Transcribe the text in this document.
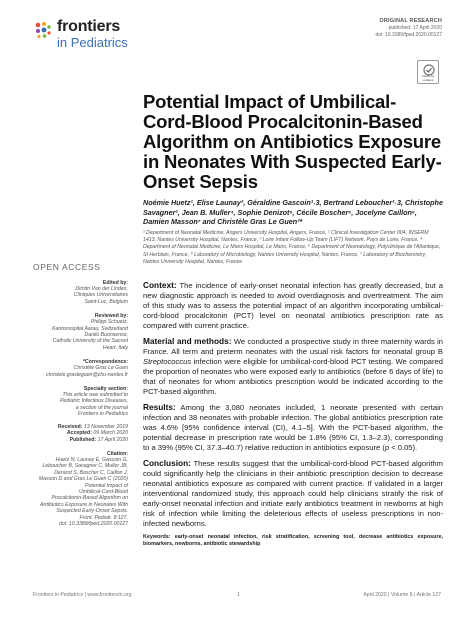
frontiers
in Pediatrics
ORIGINAL RESEARCH
published: 17 April 2020
doi: 10.3389/fped.2020.00127
Check for updates
Potential Impact of Umbilical-Cord-Blood Procalcitonin-Based Algorithm on Antibiotics Exposure in Neonates With Suspected Early-Onset Sepsis
Noémie Huetz¹, Elise Launay², Géraldine Gascoin¹˒3, Bertrand Leboucher¹˒3, Christophe Savagner¹, Jean B. Muller⁴, Sophie Denizot⁵, Cécile Boscher⁵, Jocelyne Caillon⁶, Damien Masson⁷ and Christèle Gras Le Guen²*
¹ Department of Neonatal Medicine, Angers University Hospital, Angers, France, ² Clinical Investigation Center 004, INSERM 1413, Nantes University Hospital, Nantes, France, ³ Loire Infant Follow-Up Team (LIFT) Network, Pays de Loire, France, ⁴ Department of Neonatal Medicine, Le Mans Hospital, Le Mans, France, ⁵ Department of Neonatology, Polyclinique de l'Atlantique, St Herblain, France, ⁶ Laboratory of Microbiology, Nantes University Hospital, Nantes, France, ⁷ Laboratory of Biochemistry, Nantes University Hospital, Nantes, France
OPEN ACCESS
Edited by:
Dimitri Van der Linden,
Cliniques Universitaires
Saint-Luc, Belgium
Reviewed by:
Philipp Schuetz,
Kantonsspital Aarau, Switzerland
Danilo Buonsenso,
Catholic University of the Sacred
Heart, Italy
*Correspondence:
Christèle Gras Le Guen
christele.grasleguen@chu-nantes.fr
Specialty section:
This article was submitted to
Pediatric Infectious Diseases,
a section of the journal
Frontiers in Pediatrics
Received: 13 November 2019
Accepted: 09 March 2020
Published: 17 April 2020
Citation:
Huetz N, Launay E, Gascoin G,
Leboucher B, Savagner C, Muller JB,
Denizot S, Boscher C, Caillon J,
Masson D and Gras Le Guen C (2020)
Potential Impact of
Umbilical-Cord-Blood
Procalcitonin-Based Algorithm on
Antibiotics Exposure in Neonates With
Suspected Early-Onset Sepsis.
Front. Pediatr. 8:127.
doi: 10.3389/fped.2020.00127

Context: The incidence of early-onset neonatal infection has greatly decreased, but a new diagnostic approach is needed to avoid overdiagnosis and overtreatment. The aim of this study was to assess the potential impact of an algorithm incorporating umbilical-cord-blood procalcitonin (PCT) level on neonatal antibiotics prescription rate as compared with current practice.

Material and methods: We conducted a prospective study in three maternity wards in France. All term and preterm neonates with the usual risk factors for neonatal group B Streptococcus infection were eligible for umbilical-cord-blood PCT testing. We compared the proportion of neonates who were exposed early to antibiotics (before 6 days of life) to that of neonates for whom antibiotics prescription would be indicated according to the PCT-based algorithm.

Results: Among the 3,080 neonates included, 1 neonate presented with certain infection and 38 neonates with probable infection. The global antibiotics prescription rate was 4.6% [95% confidence interval (CI), 4.1–5]. With the PCT-based algorithm, the potential decrease in prescription rate would be 1.8% (95% CI, 1.3–2.3), corresponding to a 39% (95% CI, 37.3–40.7) relative reduction in antibiotics exposure (p < 0.05).

Conclusion: These results suggest that the umbilical-cord-blood PCT-based algorithm could significantly help the clinicians in their antibiotic prescription decision to decrease neonatal antibiotics exposure as compared with current practice. If validated in a larger interventional randomized study, this approach could help clinicians stratify the risk of early-onset neonatal infection and initiate early antibiotics treatment in newborns at high risk of infection while limiting the deleterious effects of useless prescriptions in non-infected newborns.

Keywords: early-onset neonatal infection, risk stratification, screening tool, decrease antibiotics exposure, biomarkers, newborns, antibiotic stewardship

Frontiers in Pediatrics | www.frontiersin.org	1	April 2020 | Volume 8 | Article 127
